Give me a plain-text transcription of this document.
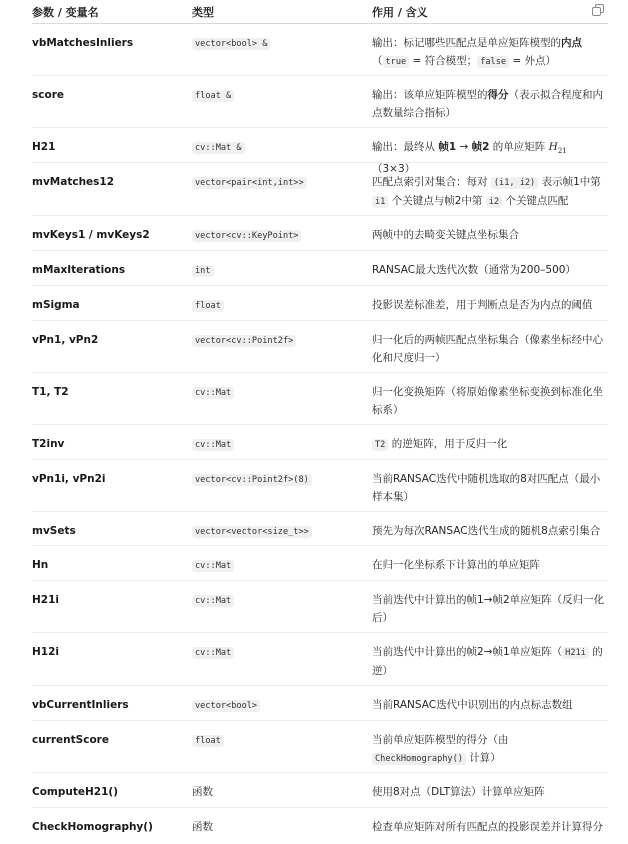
参数 / 变量名	类型	作用 / 含义
vbMatchesInliers	vector<bool> &	输出：标记哪些匹配点是单应矩阵模型的内点
（ true = 符合模型； false = 外点）
score	float &	输出：该单应矩阵模型的得分（表示拟合程度和内点数量综合指标）
H21	cv::Mat &	输出：最终从 帧1 → 帧2 的单应矩阵 $H_{21}(3\times 3)$
mvMatches12	vector<pair<int,int>>	匹配点索引对集合：每对 (i1, i2) 表示帧1中第
i1 个关键点与帧2中第 i2 个关键点匹配
mvKeys1 / mvKeys2	vector<cv::KeyPoint>	两帧中的去畸变关键点坐标集合
mMaxIterations	int	RANSAC最大迭代次数（通常为200–500）
mSigma	float	投影误差标准差，用于判断点是否为内点的阈值
vPn1, vPn2	vector<cv::Point2f>	归一化后的两帧匹配点坐标集合（像素坐标经中心化和尺度归一）
T1, T2	cv::Mat	归一化变换矩阵（将原始像素坐标变换到标准化坐标系）
T2inv	cv::Mat	T2 的逆矩阵，用于反归一化
vPn1i, vPn2i	vector<cv::Point2f>(8)	当前RANSAC迭代中随机选取的8对匹配点（最小样本集）
mvSets	vector<vector<size_t>>	预先为每次RANSAC迭代生成的随机8点索引集合
Hn	cv::Mat	在归一化坐标系下计算出的单应矩阵
H21i	cv::Mat	当前迭代中计算出的帧1→帧2单应矩阵（反归一化后）
H12i	cv::Mat	当前迭代中计算出的帧2→帧1单应矩阵（ H21i 的逆）
vbCurrentInliers	vector<bool>	当前RANSAC迭代中识别出的内点标志数组
currentScore	float	当前单应矩阵模型的得分（由
CheckHomography() 计算）
ComputeH21()	函数	使用8对点（DLT算法）计算单应矩阵
CheckHomography()	函数	检查单应矩阵对所有匹配点的投影误差并计算得分
